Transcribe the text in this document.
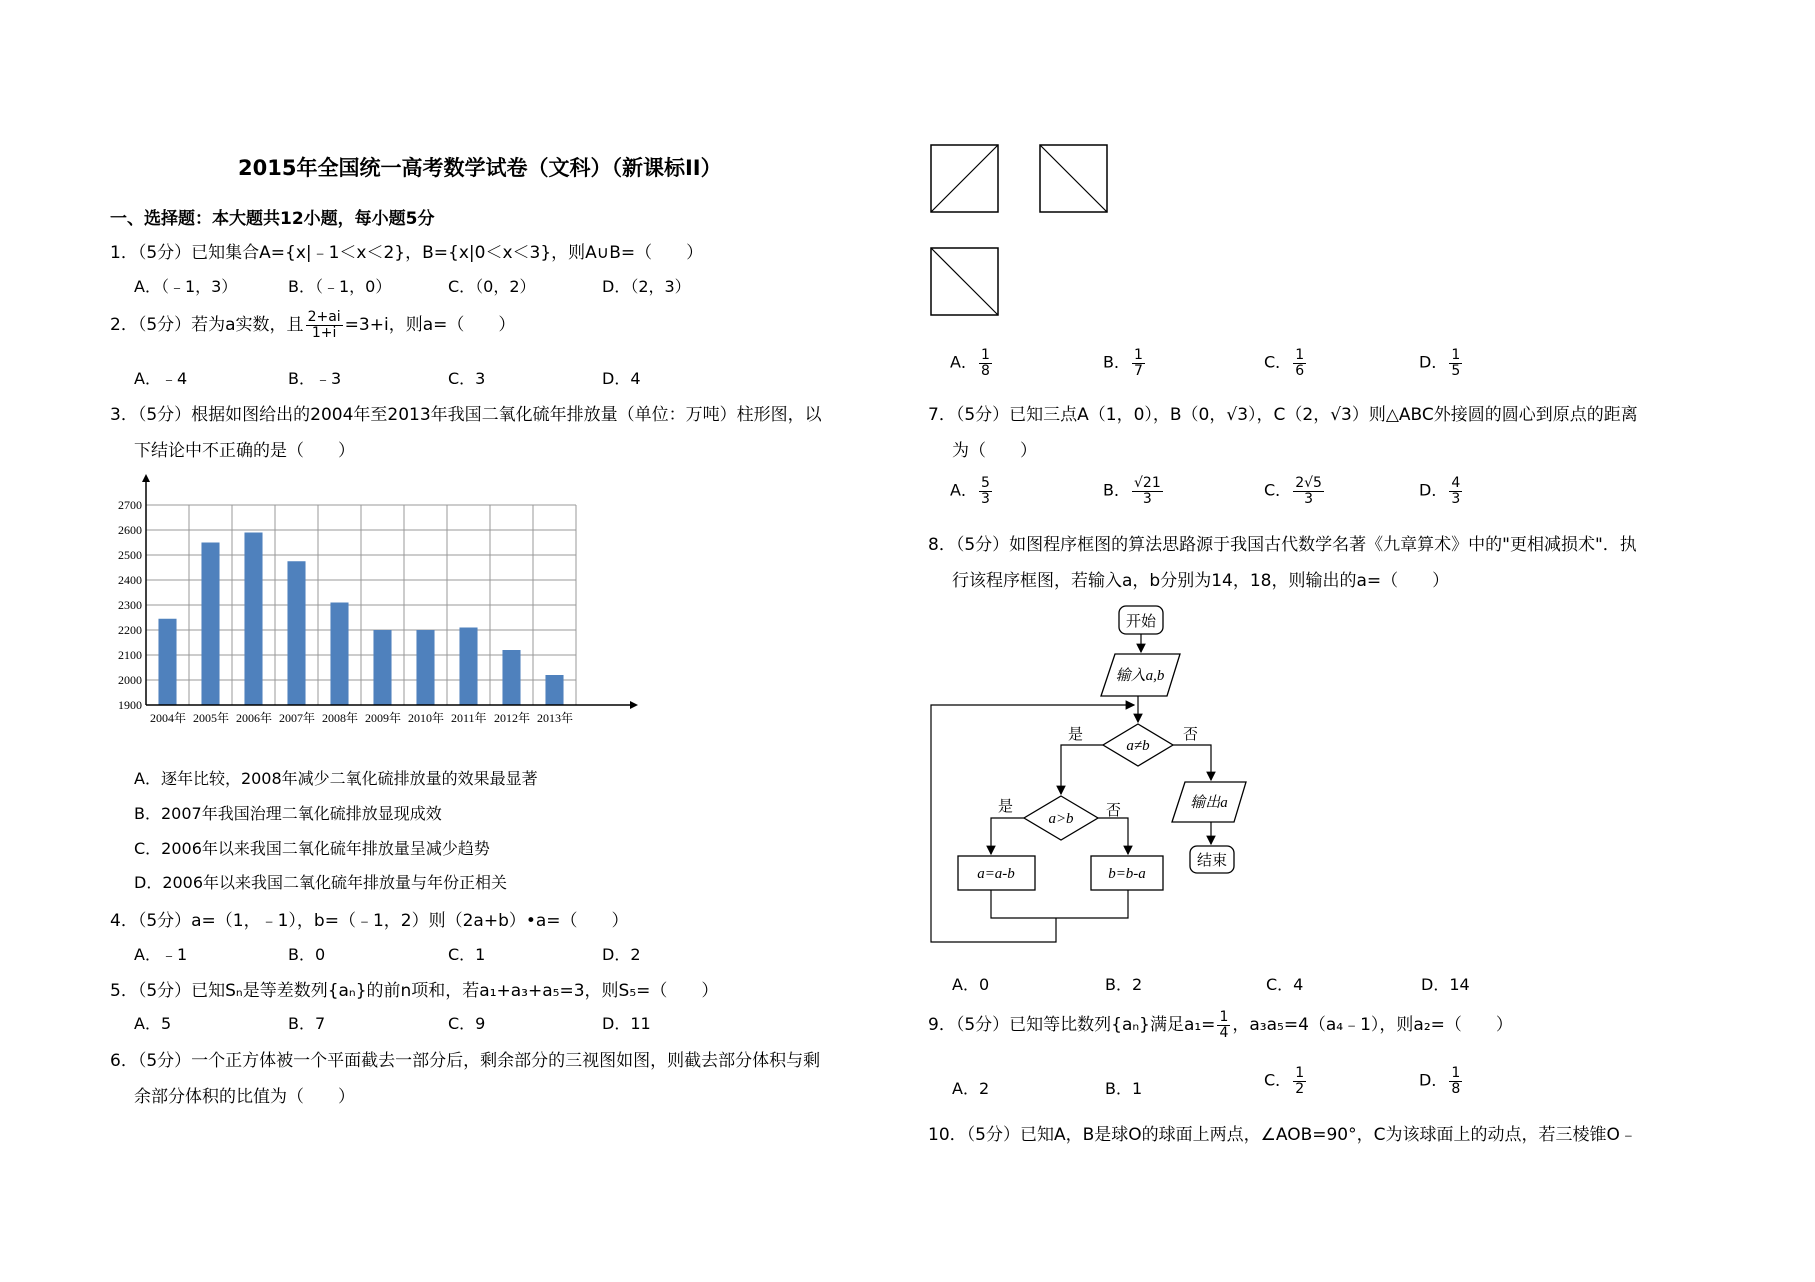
2015年全国统一高考数学试卷（文科）（新课标II）
一、选择题：本大题共12小题，每小题5分
1．（5分）已知集合A={x|﹣1＜x＜2}，B={x|0＜x＜3}，则A∪B=（　　）
A．（﹣1，3）	B．（﹣1，0）	C．（0，2）	D．（2，3）
2．（5分）若为a实数，且 $\frac{2+ai}{1+i} =3+i$，则a=（　　）
A．﹣4	B．﹣3	C．3	D．4
3．（5分）根据如图给出的2004年至2013年我国二氧化硫年排放量（单位：万吨）柱形图，以
下结论中不正确的是（　　）
1900
2000
2100
2200
2300
2400
2500
2600
2700
2004年 2005年 2006年 2007年 2008年 2009年 2010年 2011年 2012年 2013年
A．逐年比较，2008年减少二氧化硫排放量的效果最显著
B．2007年我国治理二氧化硫排放显现成效
C．2006年以来我国二氧化硫年排放量呈减少趋势
D．2006年以来我国二氧化硫年排放量与年份正相关
4．（5分）a=（1，﹣1），b=（﹣1，2）则（2a+b）•a=（　　）
A．﹣1	B．0	C．1	D．2
5．（5分）已知Sₙ是等差数列{aₙ}的前n项和，若a₁+a₃+a₅=3，则S₅=（　　）
A．5	B．7	C．9	D．11
6．（5分）一个正方体被一个平面截去一部分后，剩余部分的三视图如图，则截去部分体积与剩
余部分体积的比值为（　　）
A． $\frac{1}{8}$	B． $\frac{1}{7}$	C． $\frac{1}{6}$	D． $\frac{1}{5}$
7．（5分）已知三点A（1，0），B（0，√3），C（2，√3）则△ABC外接圆的圆心到原点的距离
为（　　）
A． $\frac{5}{3}$	B． $\frac{√21}{3}$	C． $\frac{2√5}{3}$	D． $\frac{4}{3}$
8．（5分）如图程序框图的算法思路源于我国古代数学名著《九章算术》中的"更相减损术"．执
行该程序框图，若输入a，b分别为14，18，则输出的a=（　　）
开始
输入a,b
a≠b
是	否
输出a
结束
a>b
是	否
a=a-b	b=b-a
A．0	B．2	C．4	D．14
9．（5分）已知等比数列{aₙ}满足$a_1= \frac{1}{4}$ ，a₃a₅=4（a₄﹣1），则a₂=（　　）
A．2	B．1	C． $\frac{1}{2}$	D． $\frac{1}{8}$
10．（5分）已知A，B是球O的球面上两点，∠AOB=90°，C为该球面上的动点，若三棱锥O﹣
